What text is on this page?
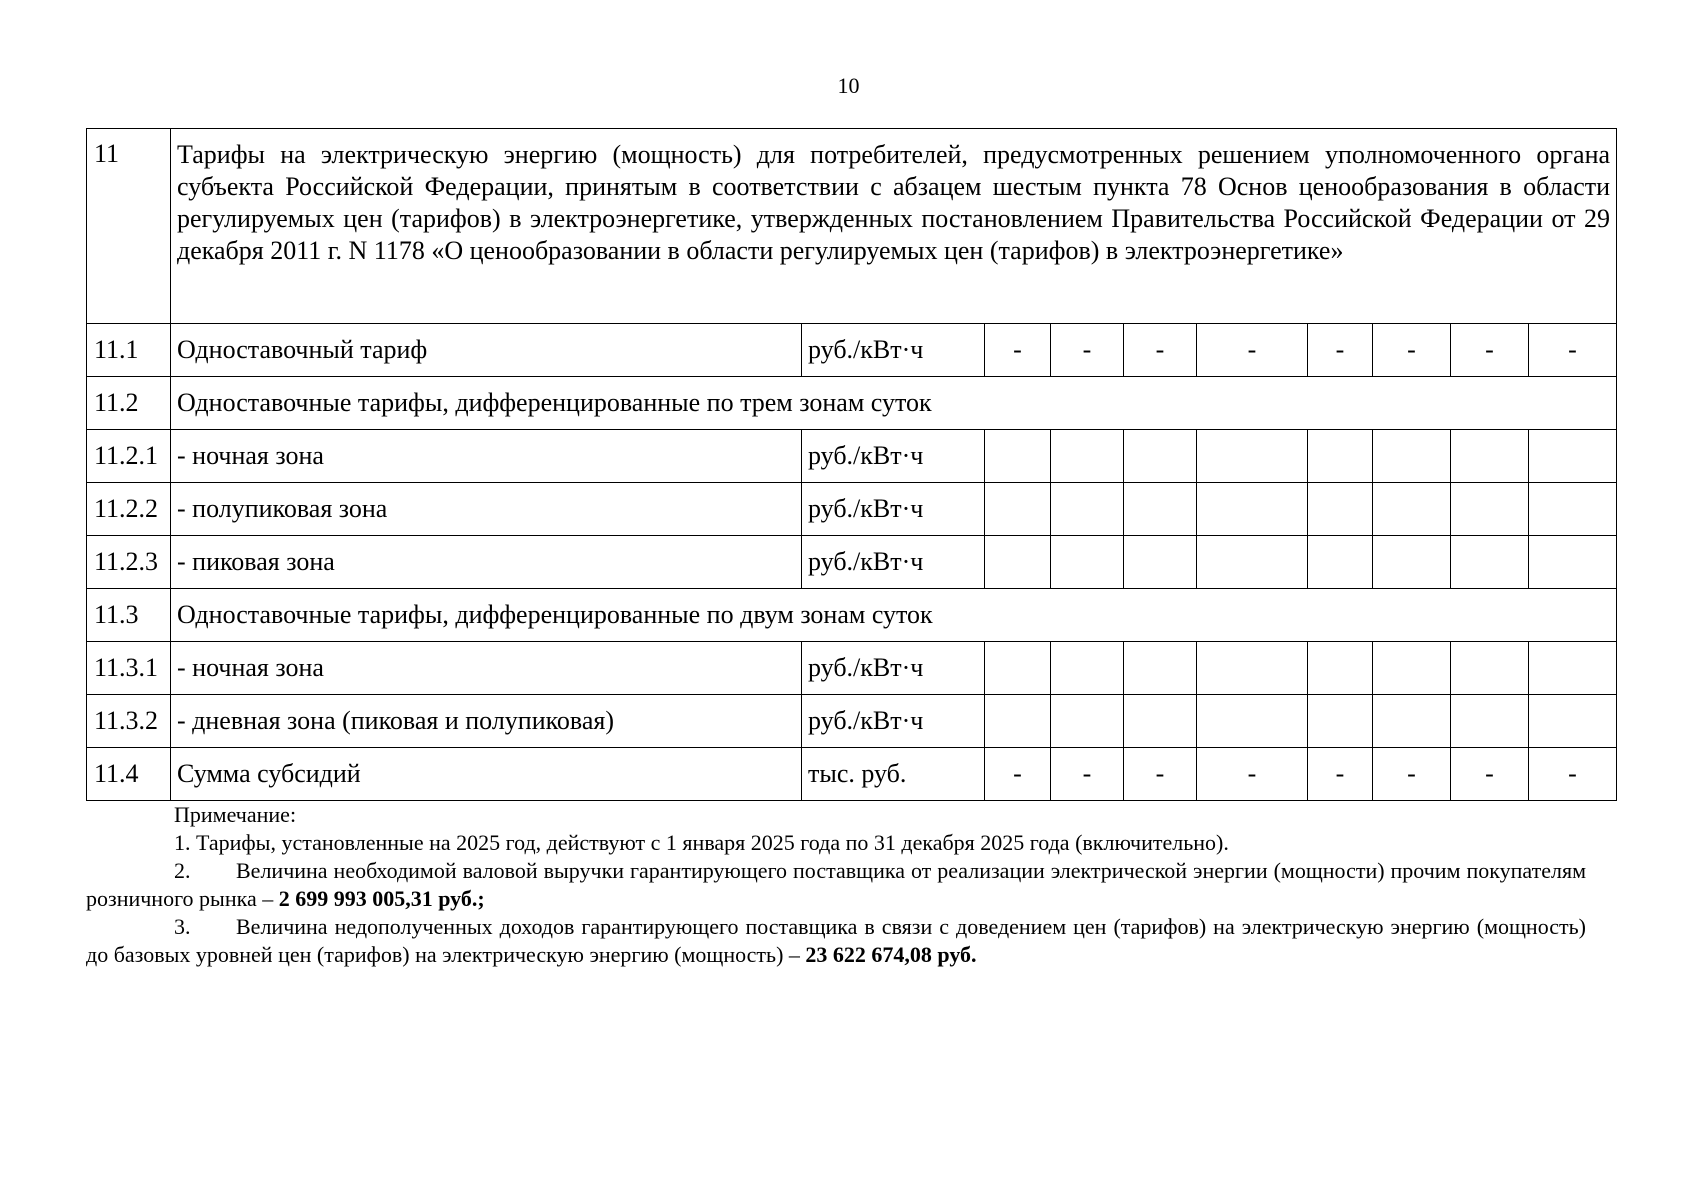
10
11	Тарифы на электрическую энергию (мощность) для потребителей, предусмотренных решением уполномоченного органа субъекта Российской Федерации, принятым в соответствии с абзацем шестым пункта 78 Основ ценообразования в области регулируемых цен (тарифов) в электроэнергетике, утвержденных постановлением Правительства Российской Федерации от 29 декабря 2011 г. N 1178 «О ценообразовании в области регулируемых цен (тарифов) в электроэнергетике»									
11.1	Одноставочный тариф	руб./кВт·ч	-	-	-	-	-	-	-	-
11.2	Одноставочные тарифы, дифференцированные по трем зонам суток									
11.2.1	- ночная зона	руб./кВт·ч								
11.2.2	- полупиковая зона	руб./кВт·ч								
11.2.3	- пиковая зона	руб./кВт·ч								
11.3	Одноставочные тарифы, дифференцированные по двум зонам суток									
11.3.1	- ночная зона	руб./кВт·ч								
11.3.2	- дневная зона (пиковая и полупиковая)	руб./кВт·ч								
11.4	Сумма субсидий	тыс. руб.	-	-	-	-	-	-	-	-

Примечание:

1. Тарифы, установленные на 2025 год, действуют с 1 января 2025 года по 31 декабря 2025 года (включительно).

2. Величина необходимой валовой выручки гарантирующего поставщика от реализации электрической энергии (мощности) прочим покупателям розничного рынка – 2 699 993 005,31 руб.;

3. Величина недополученных доходов гарантирующего поставщика в связи с доведением цен (тарифов) на электрическую энергию (мощность) до базовых уровней цен (тарифов) на электрическую энергию (мощность) – 23 622 674,08 руб.
